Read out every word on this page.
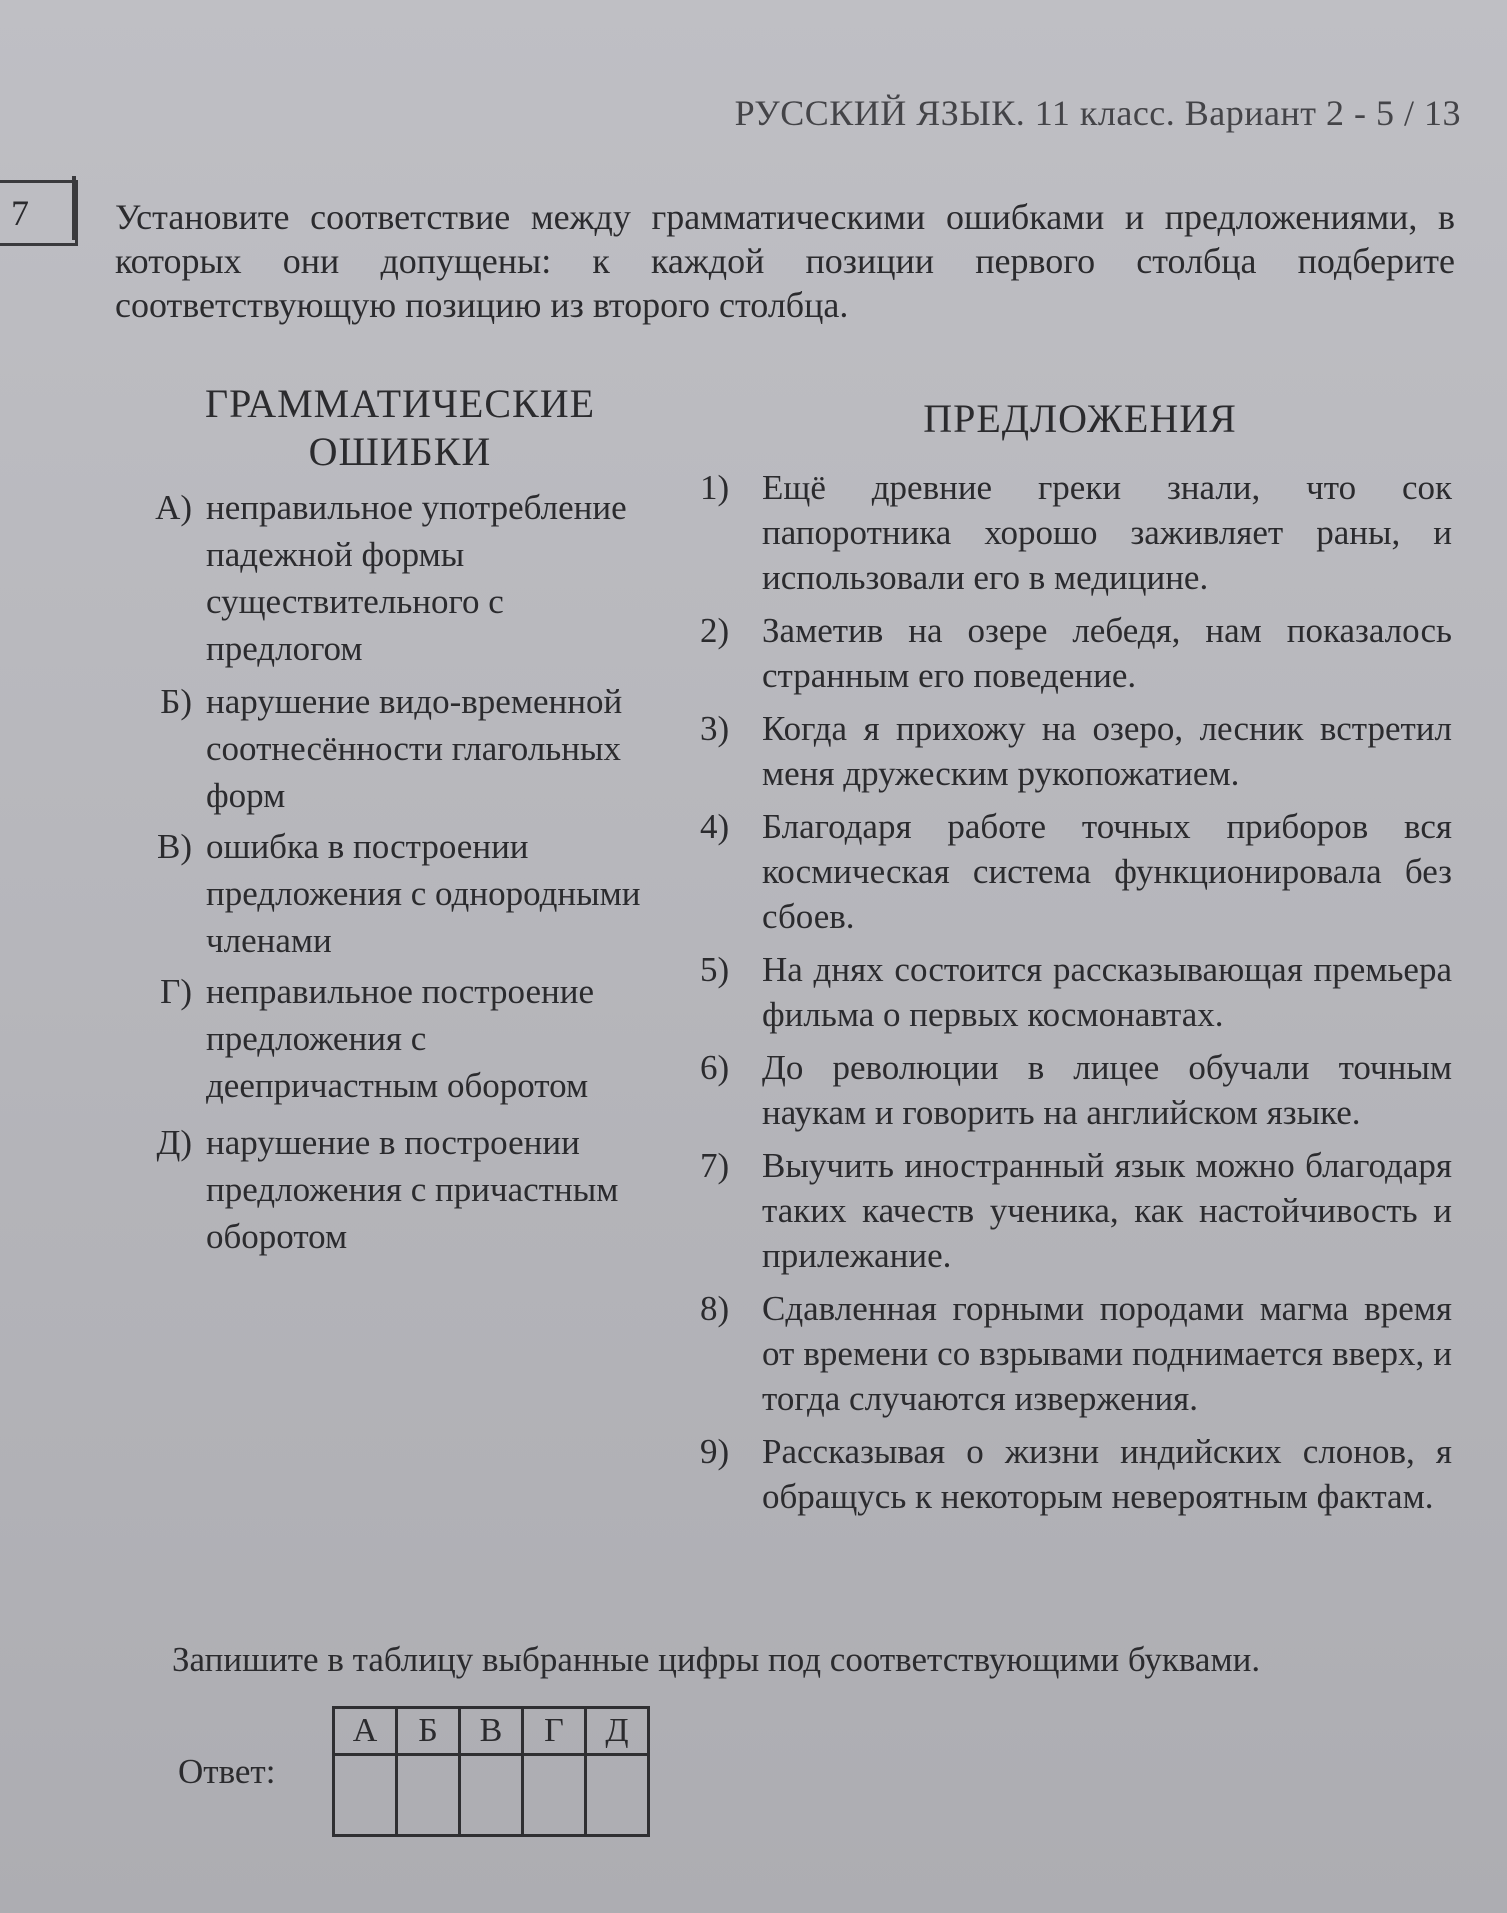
РУССКИЙ ЯЗЫК. 11 класс. Вариант 2 - 5 / 13
7	Установите соответствие между грамматическими ошибками и предложениями, в которых они допущены: к каждой позиции первого столбца подберите соответствующую позицию из второго столбца.
ГРАММАТИЧЕСКИЕ ОШИБКИ
А) неправильное употребление падежной формы существительного с предлогом
Б) нарушение видо-временной соотнесённости глагольных форм
В) ошибка в построении предложения с однородными членами
Г) неправильное построение предложения с деепричастным оборотом
Д) нарушение в построении предложения с причастным оборотом
ПРЕДЛОЖЕНИЯ
1) Ещё древние греки знали, что сок папоротника хорошо заживляет раны, и использовали его в медицине.
2) Заметив на озере лебедя, нам показалось странным его поведение.
3) Когда я прихожу на озеро, лесник встретил меня дружеским рукопожатием.
4) Благодаря работе точных приборов вся космическая система функционировала без сбоев.
5) На днях состоится рассказывающая премьера фильма о первых космонавтах.
6) До революции в лицее обучали точным наукам и говорить на английском языке.
7) Выучить иностранный язык можно благодаря таких качеств ученика, как настойчивость и прилежание.
8) Сдавленная горными породами магма время от времени со взрывами поднимается вверх, и тогда случаются извержения.
9) Рассказывая о жизни индийских слонов, я обращусь к некоторым невероятным фактам.
Запишите в таблицу выбранные цифры под соответствующими буквами.
Ответ:
А	Б	В	Г	Д
